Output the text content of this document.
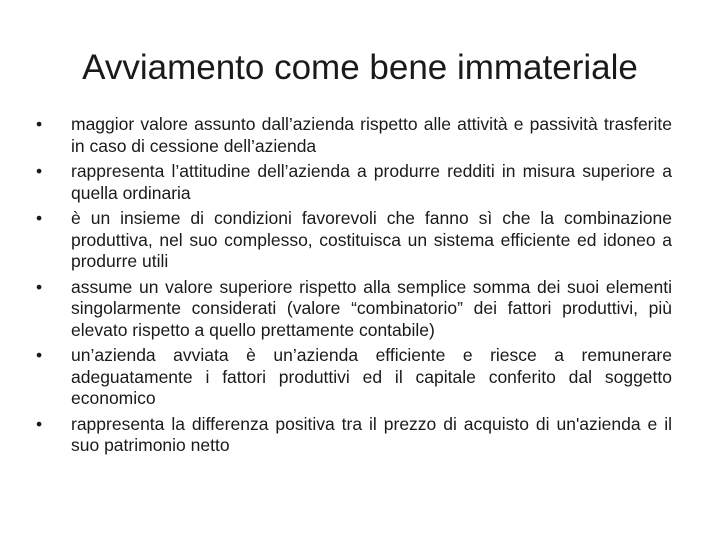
Avviamento come bene immateriale
•	maggior valore assunto dall’azienda rispetto alle attività e passività trasferite in caso di cessione dell’azienda
•	rappresenta l’attitudine dell’azienda a produrre redditi in misura superiore a quella ordinaria
•	è un insieme di condizioni favorevoli che fanno sì che la combinazione produttiva, nel suo complesso, costituisca un sistema efficiente ed idoneo a produrre utili
•	assume un valore superiore rispetto alla semplice somma dei suoi elementi singolarmente considerati (valore “combinatorio” dei fattori produttivi, più elevato rispetto a quello prettamente contabile)
•	un’azienda avviata è un’azienda efficiente e riesce a remunerare adeguatamente i fattori produttivi ed il capitale conferito dal soggetto economico
•	rappresenta la differenza positiva tra il prezzo di acquisto di un'azienda e il suo patrimonio netto
